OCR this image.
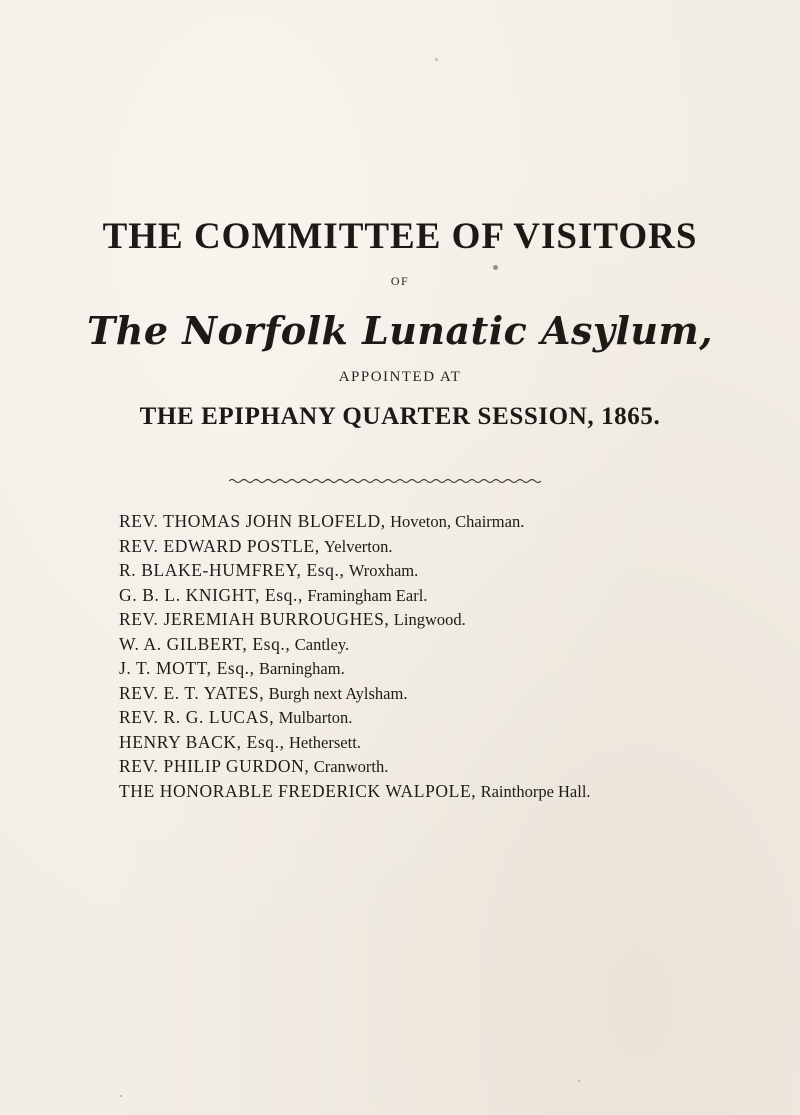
THE COMMITTEE OF VISITORS
OF
The Norfolk Lunatic Asylum,
APPOINTED AT
THE EPIPHANY QUARTER SESSION, 1865.
REV. THOMAS JOHN BLOFELD, Hoveton, Chairman.
REV. EDWARD POSTLE, Yelverton.
R. BLAKE-HUMFREY, Esq., Wroxham.
G. B. L. KNIGHT, Esq., Framingham Earl.
REV. JEREMIAH BURROUGHES, Lingwood.
W. A. GILBERT, Esq., Cantley.
J. T. MOTT, Esq., Barningham.
REV. E. T. YATES, Burgh next Aylsham.
REV. R. G. LUCAS, Mulbarton.
HENRY BACK, Esq., Hethersett.
REV. PHILIP GURDON, Cranworth.
THE HONORABLE FREDERICK WALPOLE, Rainthorpe Hall.
